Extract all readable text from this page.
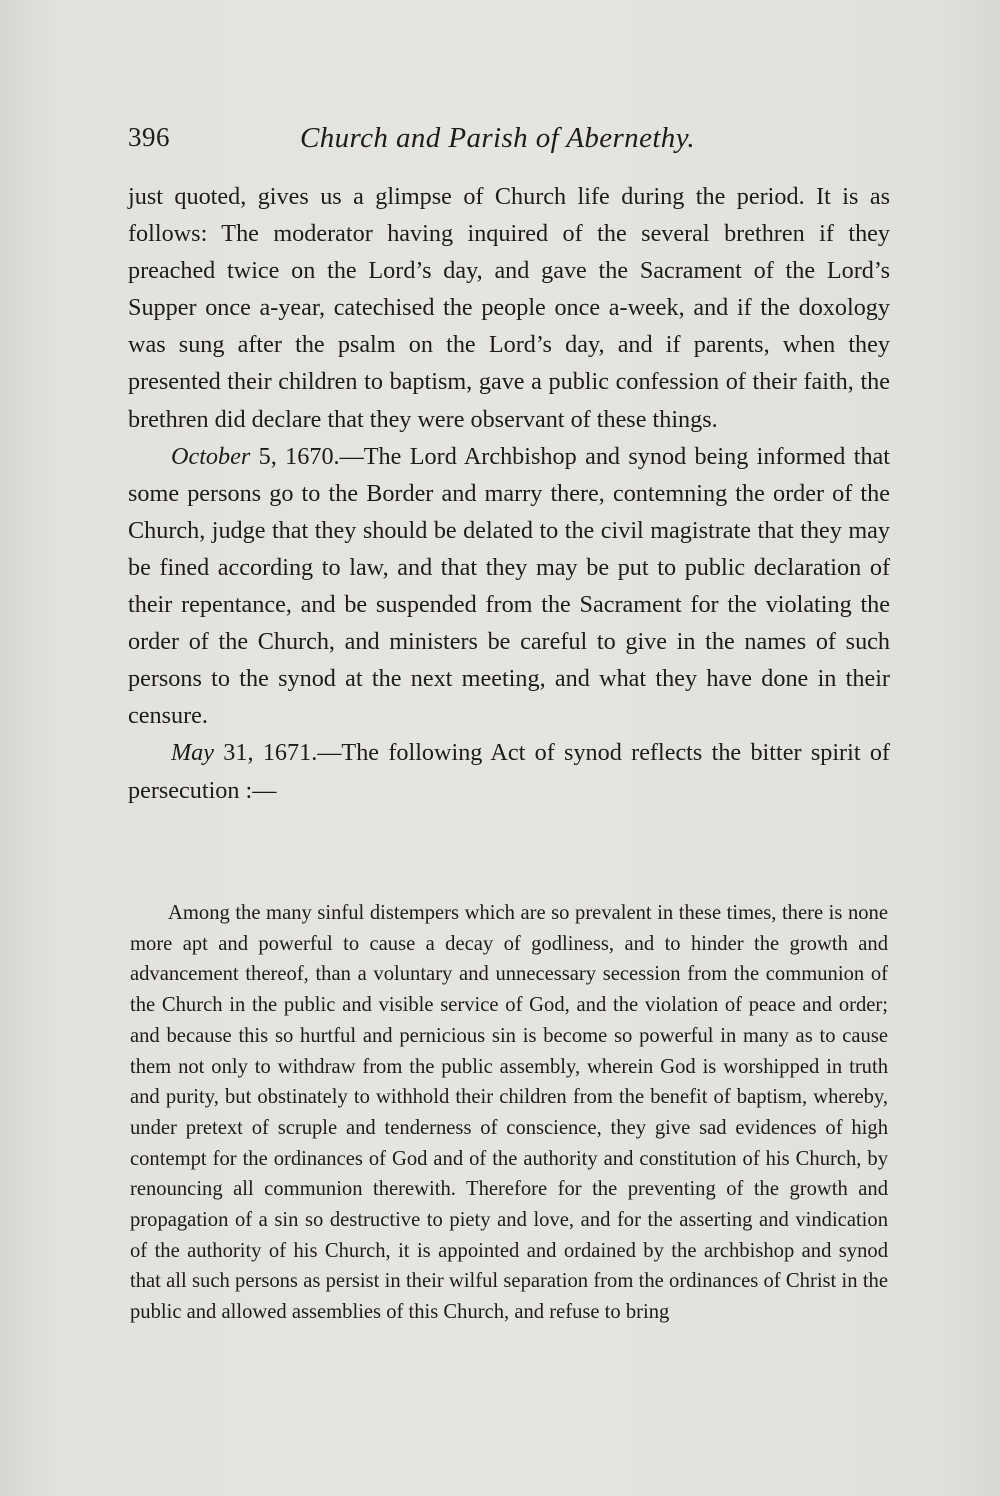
396	Church and Parish of Abernethy.

just quoted, gives us a glimpse of Church life during the period. It is as follows: The moderator having inquired of the several brethren if they preached twice on the Lord’s day, and gave the Sacrament of the Lord’s Supper once a-year, catechised the people once a-week, and if the doxology was sung after the psalm on the Lord’s day, and if parents, when they presented their children to baptism, gave a public confession of their faith, the brethren did declare that they were observant of these things.

October 5, 1670.—The Lord Archbishop and synod being informed that some persons go to the Border and marry there, contemning the order of the Church, judge that they should be delated to the civil magistrate that they may be fined according to law, and that they may be put to public declaration of their repentance, and be suspended from the Sacrament for the violating the order of the Church, and ministers be careful to give in the names of such persons to the synod at the next meeting, and what they have done in their censure.

May 31, 1671.—The following Act of synod reflects the bitter spirit of persecution :—

Among the many sinful distempers which are so prevalent in these times, there is none more apt and powerful to cause a decay of godliness, and to hinder the growth and advancement thereof, than a voluntary and unnecessary secession from the communion of the Church in the public and visible service of God, and the violation of peace and order; and because this so hurtful and pernicious sin is become so powerful in many as to cause them not only to withdraw from the public assembly, wherein God is worshipped in truth and purity, but obstinately to withhold their children from the benefit of baptism, whereby, under pretext of scruple and tenderness of conscience, they give sad evidences of high contempt for the ordinances of God and of the authority and constitution of his Church, by renouncing all communion therewith. Therefore for the preventing of the growth and propagation of a sin so destructive to piety and love, and for the asserting and vindication of the authority of his Church, it is appointed and ordained by the archbishop and synod that all such persons as persist in their wilful separation from the ordinances of Christ in the public and allowed assemblies of this Church, and refuse to bring
